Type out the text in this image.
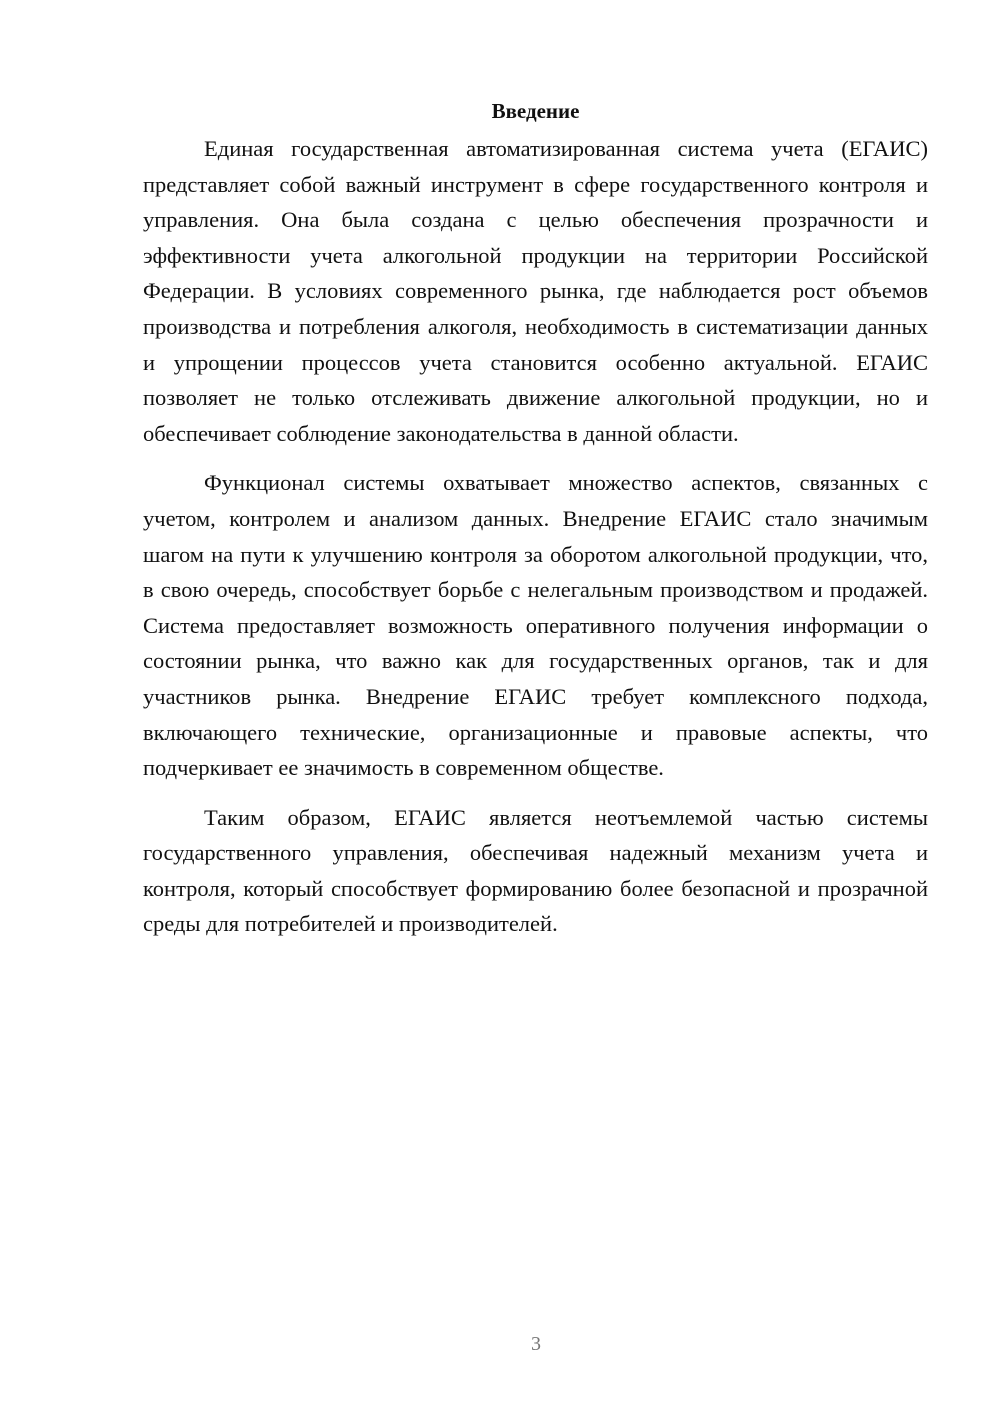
Введение

Единая государственная автоматизированная система учета (ЕГАИС) представляет собой важный инструмент в сфере государственного контроля и управления. Она была создана с целью обеспечения прозрачности и эффективности учета алкогольной продукции на территории Российской Федерации. В условиях современного рынка, где наблюдается рост объемов производства и потребления алкоголя, необходимость в систематизации данных и упрощении процессов учета становится особенно актуальной. ЕГАИС позволяет не только отслеживать движение алкогольной продукции, но и обеспечивает соблюдение законодательства в данной области.

Функционал системы охватывает множество аспектов, связанных с учетом, контролем и анализом данных. Внедрение ЕГАИС стало значимым шагом на пути к улучшению контроля за оборотом алкогольной продукции, что, в свою очередь, способствует борьбе с нелегальным производством и продажей. Система предоставляет возможность оперативного получения информации о состоянии рынка, что важно как для государственных органов, так и для участников рынка. Внедрение ЕГАИС требует комплексного подхода, включающего технические, организационные и правовые аспекты, что подчеркивает ее значимость в современном обществе.

Таким образом, ЕГАИС является неотъемлемой частью системы государственного управления, обеспечивая надежный механизм учета и контроля, который способствует формированию более безопасной и прозрачной среды для потребителей и производителей.

3
